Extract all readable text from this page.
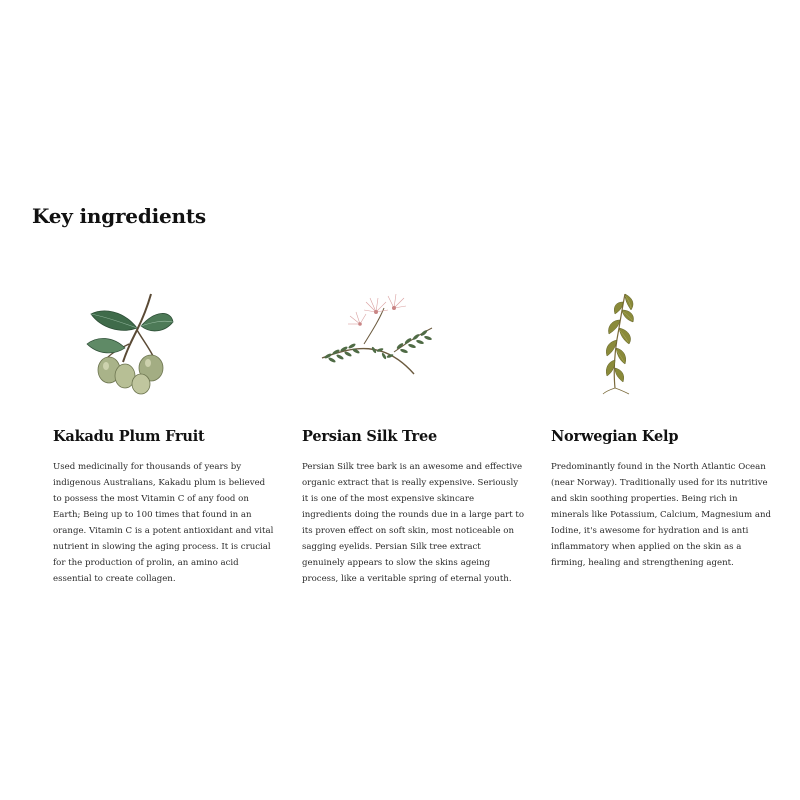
Key ingredients
Kakadu Plum Fruit

Used medicinally for thousands of years by indigenous Australians, Kakadu plum is believed to possess the most Vitamin C of any food on Earth; Being up to 100 times that found in an orange. Vitamin C is a potent antioxidant and vital nutrient in slowing the aging process. It is crucial for the production of prolin, an amino acid essential to create collagen.

Persian Silk Tree

Persian Silk tree bark is an awesome and effective organic extract that is really expensive. Seriously it is one of the most expensive skincare ingredients doing the rounds due in a large part to its proven effect on soft skin, most noticeable on sagging eyelids. Persian Silk tree extract genuinely appears to slow the skins ageing process, like a veritable spring of eternal youth.

Norwegian Kelp

Predominantly found in the North Atlantic Ocean (near Norway). Traditionally used for its nutritive and skin soothing properties. Being rich in minerals like Potassium, Calcium, Magnesium and Iodine, it's awesome for hydration and is anti inflammatory when applied on the skin as a firming, healing and strengthening agent.
